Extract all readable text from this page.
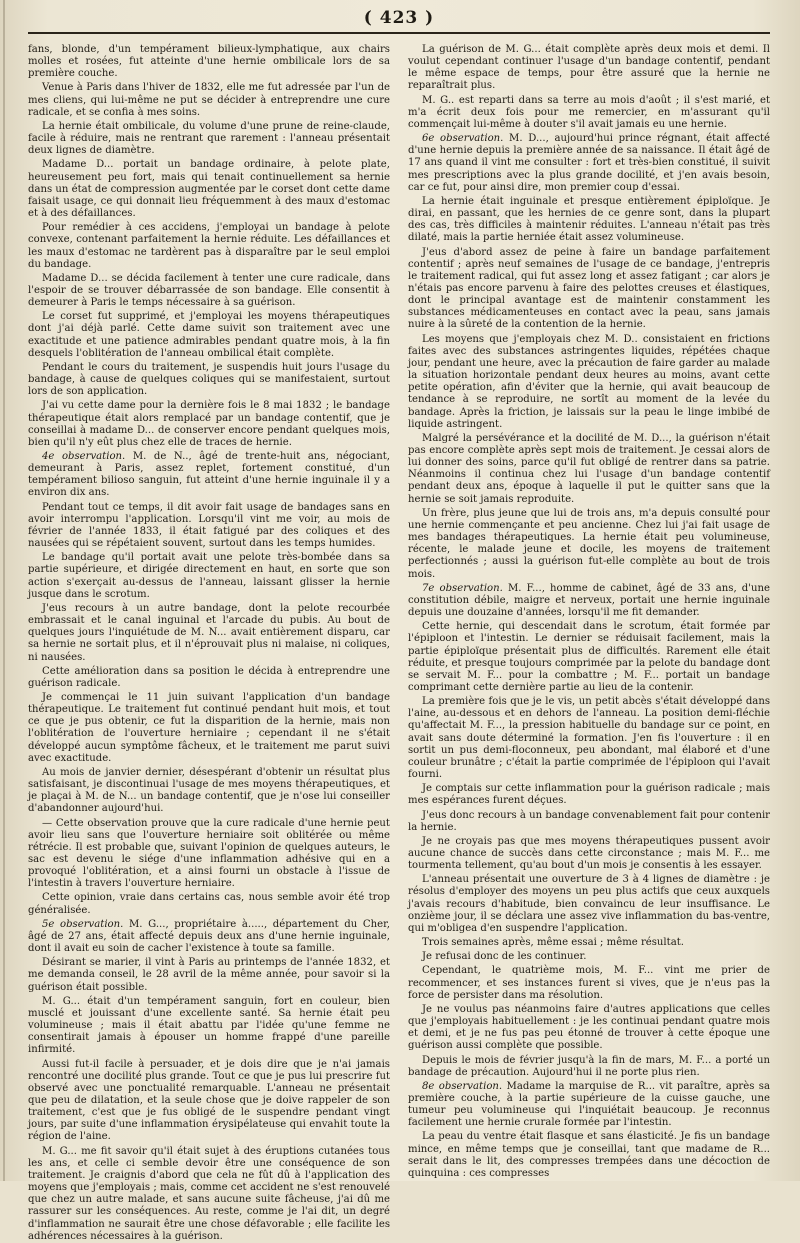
( 423 )

fans, blonde, d'un tempérament bilieux-lymphatique, aux chairs molles et rosées, fut atteinte d'une hernie ombilicale lors de sa première couche.

Venue à Paris dans l'hiver de 1832, elle me fut adressée par l'un de mes cliens, qui lui-même ne put se décider à entreprendre une cure radicale, et se confia à mes soins.

La hernie était ombilicale, du volume d'une prune de reine-claude, facile à réduire, mais ne rentrant que rarement : l'anneau présentait deux lignes de diamètre.

Madame D... portait un bandage ordinaire, à pelote plate, heureusement peu fort, mais qui tenait continuellement sa hernie dans un état de compression augmentée par le corset dont cette dame faisait usage, ce qui donnait lieu fréquemment à des maux d'estomac et à des défaillances.

Pour remédier à ces accidens, j'employai un bandage à pelote convexe, contenant parfaitement la hernie réduite. Les défaillances et les maux d'estomac ne tardèrent pas à disparaître par le seul emploi du bandage.

Madame D... se décida facilement à tenter une cure radicale, dans l'espoir de se trouver débarrassée de son bandage. Elle consentit à demeurer à Paris le temps nécessaire à sa guérison.

Le corset fut supprimé, et j'employai les moyens thérapeutiques dont j'ai déjà parlé. Cette dame suivit son traitement avec une exactitude et une patience admirables pendant quatre mois, à la fin desquels l'oblitération de l'anneau ombilical était complète.

Pendant le cours du traitement, je suspendis huit jours l'usage du bandage, à cause de quelques coliques qui se manifestaient, surtout lors de son application.

J'ai vu cette dame pour la dernière fois le 8 mai 1832 ; le bandage thérapeutique était alors remplacé par un bandage contentif, que je conseillai à madame D... de conserver encore pendant quelques mois, bien qu'il n'y eût plus chez elle de traces de hernie.

4e observation. M. de N.., âgé de trente-huit ans, négociant, demeurant à Paris, assez replet, fortement constitué, d'un tempérament bilioso sanguin, fut atteint d'une hernie inguinale il y a environ dix ans.

Pendant tout ce temps, il dit avoir fait usage de bandages sans en avoir interrompu l'application. Lorsqu'il vint me voir, au mois de février de l'année 1833, il était fatigué par des coliques et des nausées qui se répétaient souvent, surtout dans les temps humides.

Le bandage qu'il portait avait une pelote très-bombée dans sa partie supérieure, et dirigée directement en haut, en sorte que son action s'exerçait au-dessus de l'anneau, laissant glisser la hernie jusque dans le scrotum.

J'eus recours à un autre bandage, dont la pelote recourbée embrassait et le canal inguinal et l'arcade du pubis. Au bout de quelques jours l'inquiétude de M. N... avait entièrement disparu, car sa hernie ne sortait plus, et il n'éprouvait plus ni malaise, ni coliques, ni nausées.

Cette amélioration dans sa position le décida à entreprendre une guérison radicale.

Je commençai le 11 juin suivant l'application d'un bandage thérapeutique. Le traitement fut continué pendant huit mois, et tout ce que je pus obtenir, ce fut la disparition de la hernie, mais non l'oblitération de l'ouverture herniaire ; cependant il ne s'était développé aucun symptôme fâcheux, et le traitement me parut suivi avec exactitude.

Au mois de janvier dernier, désespérant d'obtenir un résultat plus satisfaisant, je discontinuai l'usage de mes moyens thérapeutiques, et je plaçai à M. de N... un bandage contentif, que je n'ose lui conseiller d'abandonner aujourd'hui.

— Cette observation prouve que la cure radicale d'une hernie peut avoir lieu sans que l'ouverture herniaire soit oblitérée ou même rétrécie. Il est probable que, suivant l'opinion de quelques auteurs, le sac est devenu le siége d'une inflammation adhésive qui en a provoqué l'oblitération, et a ainsi fourni un obstacle à l'issue de l'intestin à travers l'ouverture herniaire.

Cette opinion, vraie dans certains cas, nous semble avoir été trop généralisée.

5e observation. M. G..., propriétaire à....., département du Cher, âgé de 27 ans, était affecté depuis deux ans d'une hernie inguinale, dont il avait eu soin de cacher l'existence à toute sa famille.

Désirant se marier, il vint à Paris au printemps de l'année 1832, et me demanda conseil, le 28 avril de la même année, pour savoir si la guérison était possible.

M. G... était d'un tempérament sanguin, fort en couleur, bien musclé et jouissant d'une excellente santé. Sa hernie était peu volumineuse ; mais il était abattu par l'idée qu'une femme ne consentirait jamais à épouser un homme frappé d'une pareille infirmité.

Aussi fut-il facile à persuader, et je dois dire que je n'ai jamais rencontré une docilité plus grande. Tout ce que je pus lui prescrire fut observé avec une ponctualité remarquable. L'anneau ne présentait que peu de dilatation, et la seule chose que je doive rappeler de son traitement, c'est que je fus obligé de le suspendre pendant vingt jours, par suite d'une inflammation érysipélateuse qui envahit toute la région de l'aine.

M. G... me fit savoir qu'il était sujet à des éruptions cutanées tous les ans, et celle ci semble devoir être une conséquence de son traitement. Je craignis d'abord que cela ne fût dû à l'application des moyens que j'employais ; mais, comme cet accident ne s'est renouvelé que chez un autre malade, et sans aucune suite fâcheuse, j'ai dû me rassurer sur les conséquences. Au reste, comme je l'ai dit, un degré d'inflammation ne saurait être une chose défavorable ; elle facilite les adhérences nécessaires à la guérison.

La guérison de M. G... était complète après deux mois et demi. Il voulut cependant continuer l'usage d'un bandage contentif, pendant le même espace de temps, pour être assuré que la hernie ne reparaîtrait plus.

M. G.. est reparti dans sa terre au mois d'août ; il s'est marié, et m'a écrit deux fois pour me remercier, en m'assurant qu'il commençait lui-même à douter s'il avait jamais eu une hernie.

6e observation. M. D..., aujourd'hui prince régnant, était affecté d'une hernie depuis la première année de sa naissance. Il était âgé de 17 ans quand il vint me consulter : fort et très-bien constitué, il suivit mes prescriptions avec la plus grande docilité, et j'en avais besoin, car ce fut, pour ainsi dire, mon premier coup d'essai.

La hernie était inguinale et presque entièrement épiploïque. Je dirai, en passant, que les hernies de ce genre sont, dans la plupart des cas, très difficiles à maintenir réduites. L'anneau n'était pas très dilaté, mais la partie herniée était assez volumineuse.

J'eus d'abord assez de peine à faire un bandage parfaitement contentif ; après neuf semaines de l'usage de ce bandage, j'entrepris le traitement radical, qui fut assez long et assez fatigant ; car alors je n'étais pas encore parvenu à faire des pelottes creuses et élastiques, dont le principal avantage est de maintenir constamment les substances médicamenteuses en contact avec la peau, sans jamais nuire à la sûreté de la contention de la hernie.

Les moyens que j'employais chez M. D.. consistaient en frictions faites avec des substances astringentes liquides, répétées chaque jour, pendant une heure, avec la précaution de faire garder au malade la situation horizontale pendant deux heures au moins, avant cette petite opération, afin d'éviter que la hernie, qui avait beaucoup de tendance à se reproduire, ne sortît au moment de la levée du bandage. Après la friction, je laissais sur la peau le linge imbibé de liquide astringent.

Malgré la persévérance et la docilité de M. D..., la guérison n'était pas encore complète après sept mois de traitement. Je cessai alors de lui donner des soins, parce qu'il fut obligé de rentrer dans sa patrie. Néanmoins il continua chez lui l'usage d'un bandage contentif pendant deux ans, époque à laquelle il put le quitter sans que la hernie se soit jamais reproduite.

Un frère, plus jeune que lui de trois ans, m'a depuis consulté pour une hernie commençante et peu ancienne. Chez lui j'ai fait usage de mes bandages thérapeutiques. La hernie était peu volumineuse, récente, le malade jeune et docile, les moyens de traitement perfectionnés ; aussi la guérison fut-elle complète au bout de trois mois.

7e observation. M. F..., homme de cabinet, âgé de 33 ans, d'une constitution débile, maigre et nerveux, portait une hernie inguinale depuis une douzaine d'années, lorsqu'il me fit demander.

Cette hernie, qui descendait dans le scrotum, était formée par l'épiploon et l'intestin. Le dernier se réduisait facilement, mais la partie épiploïque présentait plus de difficultés. Rarement elle était réduite, et presque toujours comprimée par la pelote du bandage dont se servait M. F... pour la combattre ; M. F... portait un bandage comprimant cette dernière partie au lieu de la contenir.

La première fois que je le vis, un petit abcès s'était développé dans l'aine, au-dessous et en dehors de l'anneau. La position demi-fléchie qu'affectait M. F..., la pression habituelle du bandage sur ce point, en avait sans doute déterminé la formation. J'en fis l'ouverture : il en sortit un pus demi-floconneux, peu abondant, mal élaboré et d'une couleur brunâtre ; c'était la partie comprimée de l'épiploon qui l'avait fourni.

Je comptais sur cette inflammation pour la guérison radicale ; mais mes espérances furent déçues.

J'eus donc recours à un bandage convenablement fait pour contenir la hernie.

Je ne croyais pas que mes moyens thérapeutiques pussent avoir aucune chance de succès dans cette circonstance ; mais M. F... me tourmenta tellement, qu'au bout d'un mois je consentis à les essayer.

L'anneau présentait une ouverture de 3 à 4 lignes de diamètre : je résolus d'employer des moyens un peu plus actifs que ceux auxquels j'avais recours d'habitude, bien convaincu de leur insuffisance. Le onzième jour, il se déclara une assez vive inflammation du bas-ventre, qui m'obligea d'en suspendre l'application.

Trois semaines après, même essai ; même résultat.

Je refusai donc de les continuer.

Cependant, le quatrième mois, M. F... vint me prier de recommencer, et ses instances furent si vives, que je n'eus pas la force de persister dans ma résolution.

Je ne voulus pas néanmoins faire d'autres applications que celles que j'employais habituellement : je les continuai pendant quatre mois et demi, et je ne fus pas peu étonné de trouver à cette époque une guérison aussi complète que possible.

Depuis le mois de février jusqu'à la fin de mars, M. F... a porté un bandage de précaution. Aujourd'hui il ne porte plus rien.

8e observation. Madame la marquise de R... vit paraître, après sa première couche, à la partie supérieure de la cuisse gauche, une tumeur peu volumineuse qui l'inquiétait beaucoup. Je reconnus facilement une hernie crurale formée par l'intestin.

La peau du ventre était flasque et sans élasticité. Je fis un bandage mince, en même temps que je conseillai, tant que madame de R... serait dans le lit, des compresses trempées dans une décoction de quinquina : ces compresses
